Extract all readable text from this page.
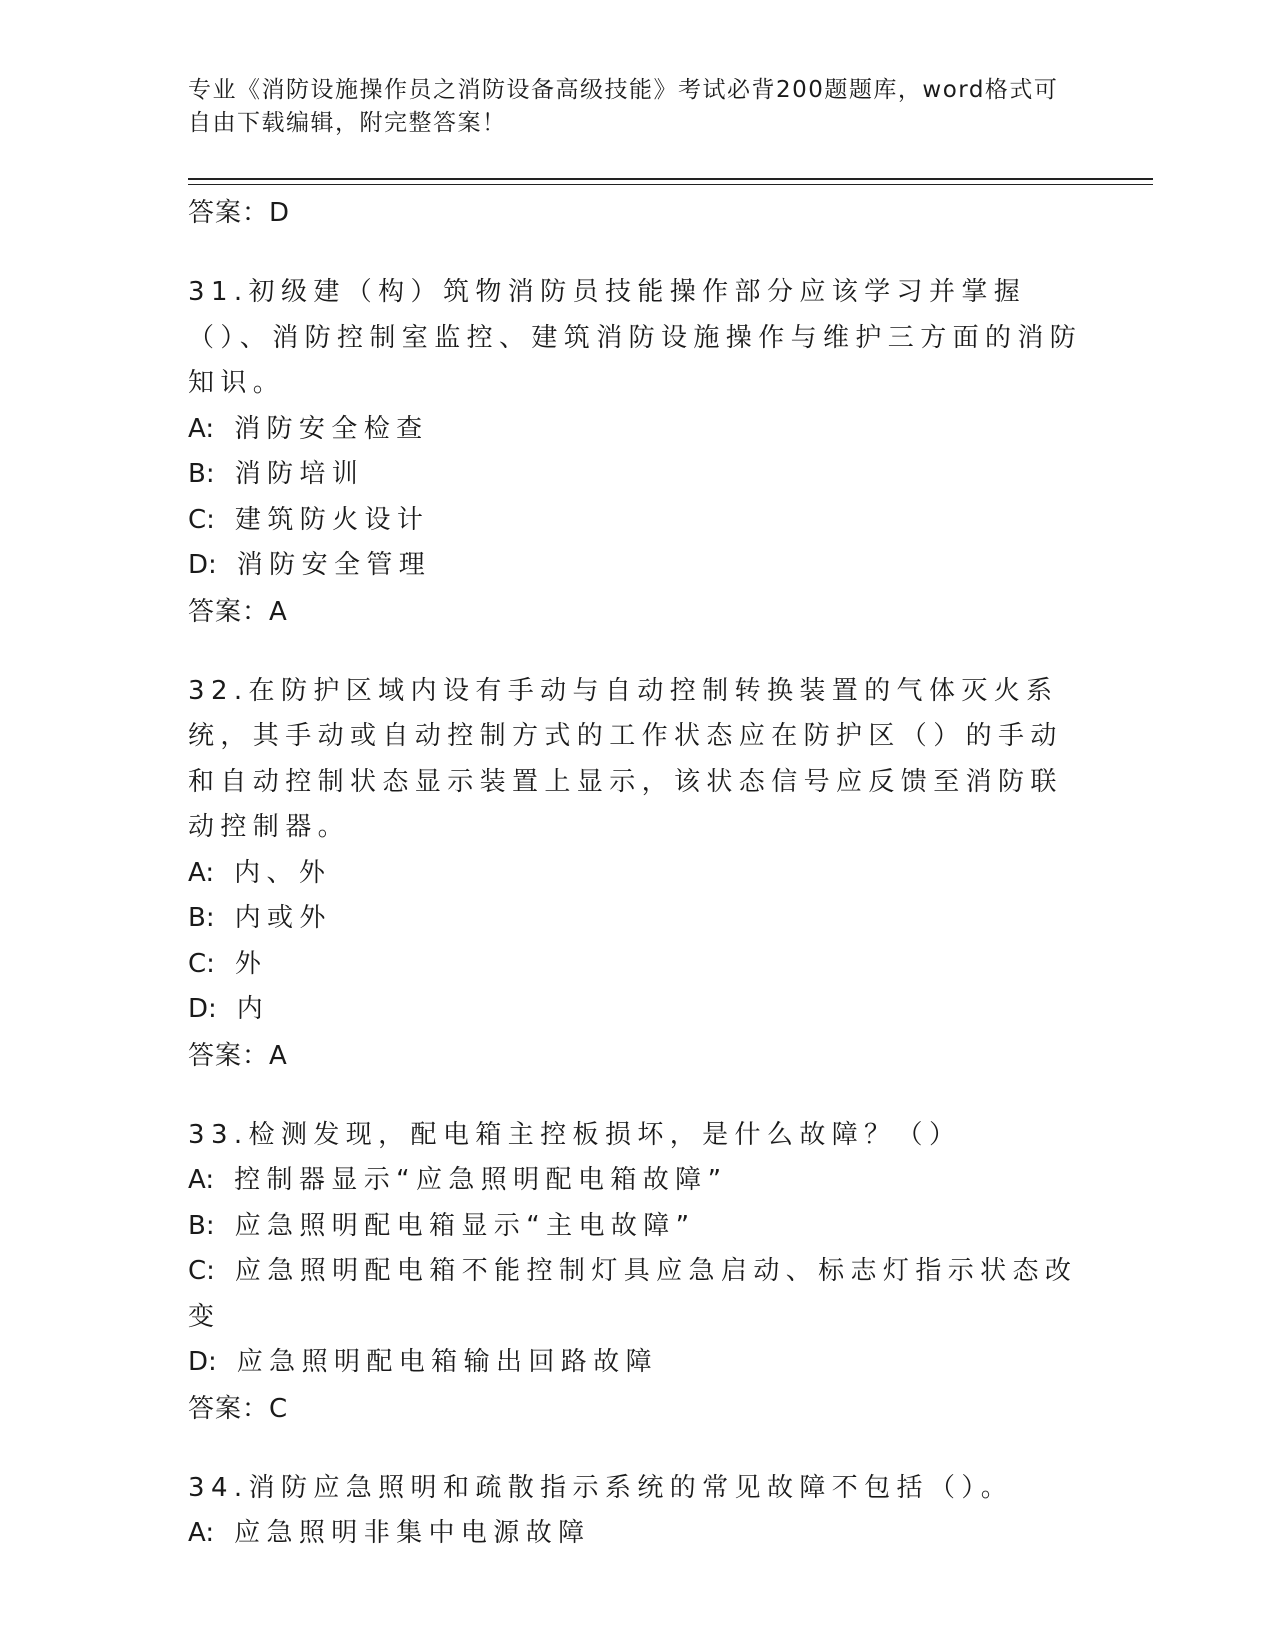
专业《消防设施操作员之消防设备高级技能》考试必背200题题库，word格式可
自由下载编辑，附完整答案！
答案：D
31.初级建（构）筑物消防员技能操作部分应该学习并掌握（）、消防控制室监控、建筑消防设施操作与维护三方面的消防知识。
A: 消防安全检查
B: 消防培训
C: 建筑防火设计
D: 消防安全管理
答案：A
32.在防护区域内设有手动与自动控制转换装置的气体灭火系统，其手动或自动控制方式的工作状态应在防护区（）的手动和自动控制状态显示装置上显示，该状态信号应反馈至消防联动控制器。
A: 内、外
B: 内或外
C: 外
D: 内
答案：A
33.检测发现，配电箱主控板损坏，是什么故障？（）
A: 控制器显示“应急照明配电箱故障”
B: 应急照明配电箱显示“主电故障”
C: 应急照明配电箱不能控制灯具应急启动、标志灯指示状态改变
D: 应急照明配电箱输出回路故障
答案：C
34.消防应急照明和疏散指示系统的常见故障不包括（）。
A: 应急照明非集中电源故障
